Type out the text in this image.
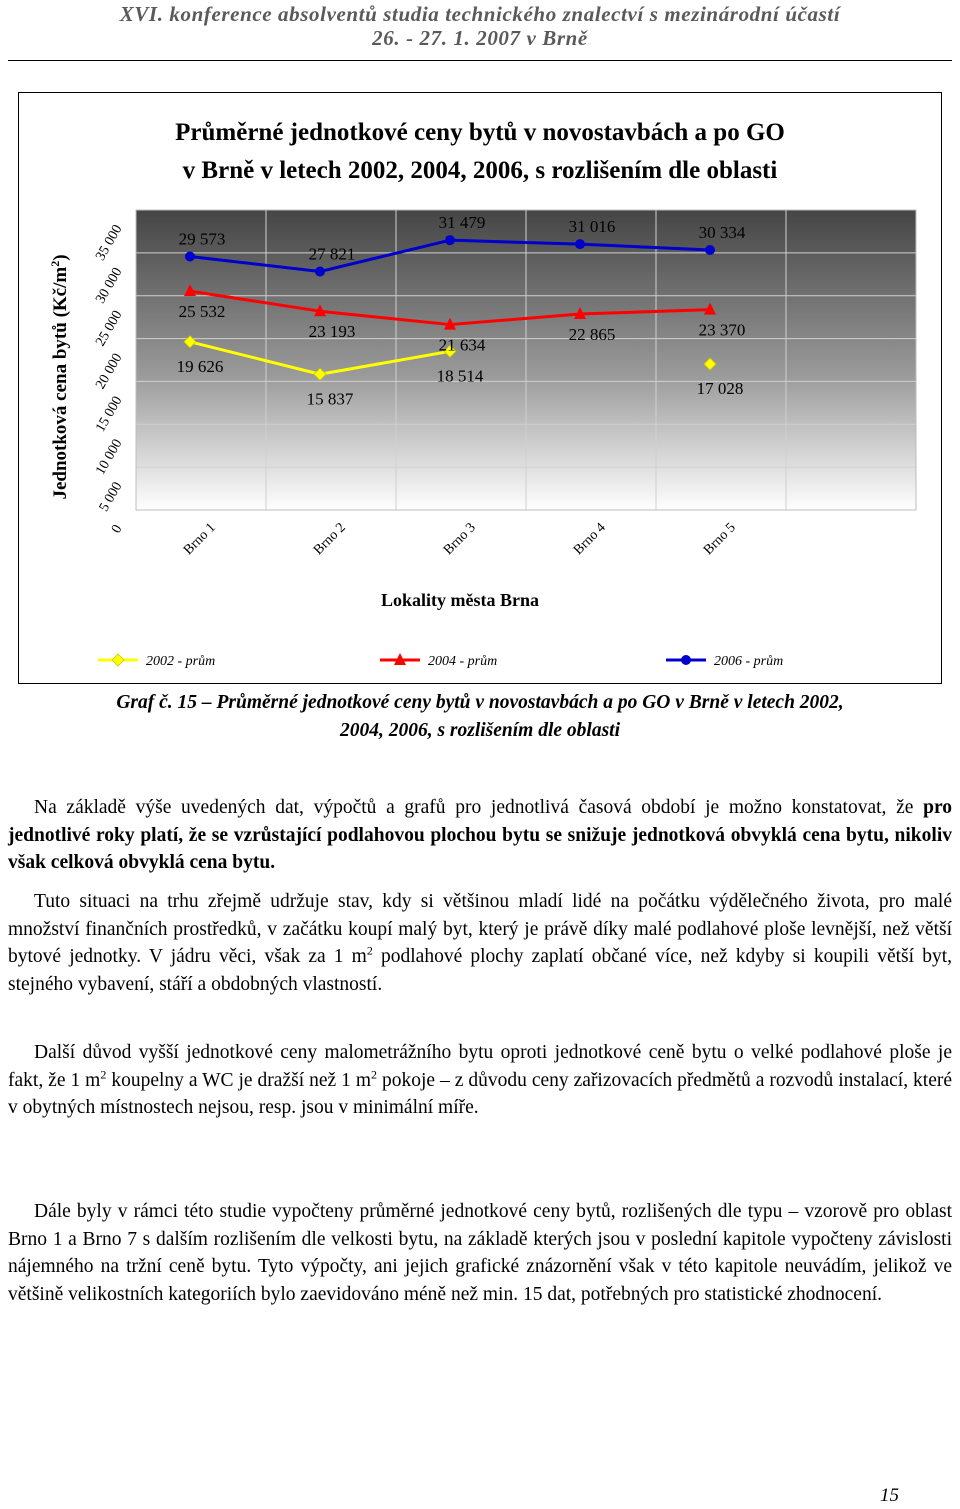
XVI. konference absolventů studia technického znalectví s mezinárodní účastí
26. - 27. 1. 2007 v Brně
Průměrné jednotkové ceny bytů v novostavbách a po GO
v Brně v letech 2002, 2004, 2006, s rozlišením dle oblasti
0
5 000
10 000
15 000
20 000
25 000
30 000
35 000
Brno 1	Brno 2	Brno 3	Brno 4	Brno 5
19 626
15 837
18 514
17 028
25 532
23 193
21 634
22 865	23 370
29 573
27 821
31 479	31 016	30 334
Jednotková cena bytů $(Kč/m^2)$
Lokality města Brna
2002 - prům	2004 - prům	2006 - prům
Graf č. 15 – Průměrné jednotkové ceny bytů v novostavbách a po GO v Brně v letech 2002,
2004, 2006, s rozlišením dle oblasti

Na základě výše uvedených dat, výpočtů a grafů pro jednotlivá časová období je možno konstatovat, že pro jednotlivé roky platí, že se vzrůstající podlahovou plochou bytu se snižuje jednotková obvyklá cena bytu, nikoliv však celková obvyklá cena bytu.

Tuto situaci na trhu zřejmě udržuje stav, kdy si většinou mladí lidé na počátku výdělečného života, pro malé množství finančních prostředků, v začátku koupí malý byt, který je právě díky malé podlahové ploše levnější, než větší bytové jednotky. V jádru věci, však za 1 $m^2$ podlahové plochy zaplatí občané více, než kdyby si koupili větší byt, stejného vybavení, stáří a obdobných vlastností.

Další důvod vyšší jednotkové ceny malometrážního bytu oproti jednotkové ceně bytu o velké podlahové ploše je fakt, že 1 $m^2$ koupelny a WC je dražší než 1 $m^2$ pokoje – z důvodu ceny zařizovacích předmětů a rozvodů instalací, které v obytných místnostech nejsou, resp. jsou v minimální míře.

Dále byly v rámci této studie vypočteny průměrné jednotkové ceny bytů, rozlišených dle typu – vzorově pro oblast Brno 1 a Brno 7 s dalším rozlišením dle velkosti bytu, na základě kterých jsou v poslední kapitole vypočteny závislosti nájemného na tržní ceně bytu. Tyto výpočty, ani jejich grafické znázornění však v této kapitole neuvádím, jelikož ve většině velikostních kategoriích bylo zaevidováno méně než min. 15 dat, potřebných pro statistické zhodnocení.

15
